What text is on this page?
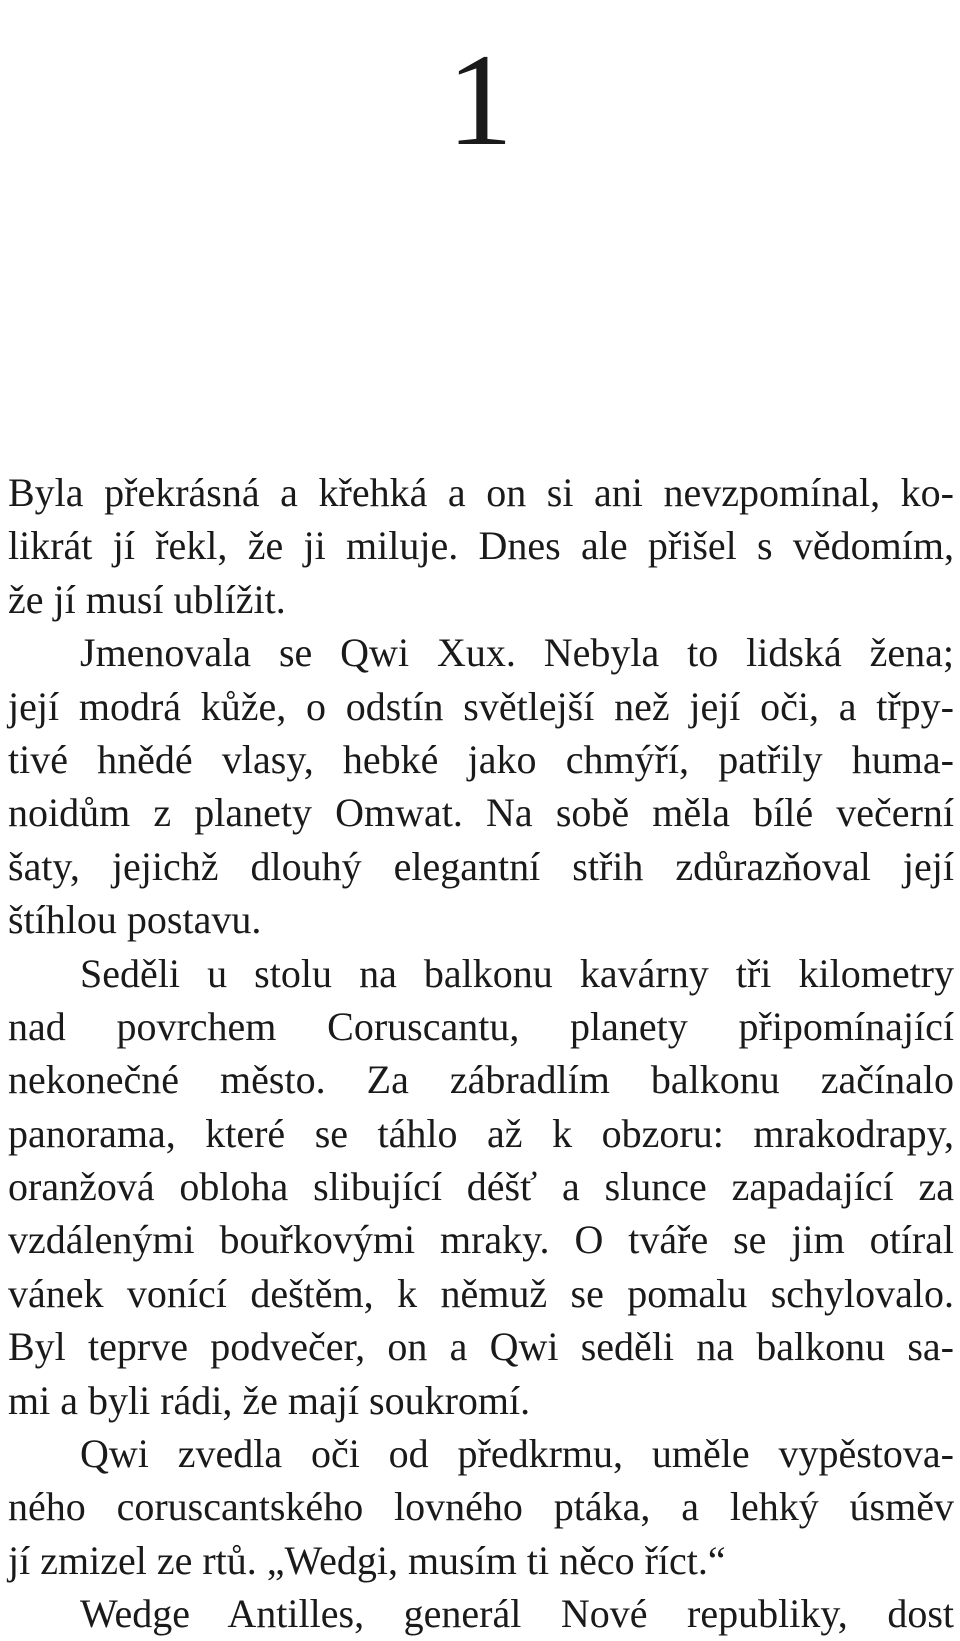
1
Byla překrásná a křehká a on si ani nevzpomínal, ko-
likrát jí řekl, že ji miluje. Dnes ale přišel s vědomím,
že jí musí ublížit.
Jmenovala se Qwi Xux. Nebyla to lidská žena;
její modrá kůže, o odstín světlejší než její oči, a třpy-
tivé hnědé vlasy, hebké jako chmýří, patřily huma-
noidům z planety Omwat. Na sobě měla bílé večerní
šaty, jejichž dlouhý elegantní střih zdůrazňoval její
štíhlou postavu.
Seděli u stolu na balkonu kavárny tři kilometry
nad povrchem Coruscantu, planety připomínající
nekonečné město. Za zábradlím balkonu začínalo
panorama, které se táhlo až k obzoru: mrakodrapy,
oranžová obloha slibující déšť a slunce zapadající za
vzdálenými bouřkovými mraky. O tváře se jim otíral
vánek vonící deštěm, k němuž se pomalu schylovalo.
Byl teprve podvečer, on a Qwi seděli na balkonu sa-
mi a byli rádi, že mají soukromí.
Qwi zvedla oči od předkrmu, uměle vypěstova-
ného coruscantského lovného ptáka, a lehký úsměv
jí zmizel ze rtů. „Wedgi, musím ti něco říct.“
Wedge Antilles, generál Nové republiky, dost
